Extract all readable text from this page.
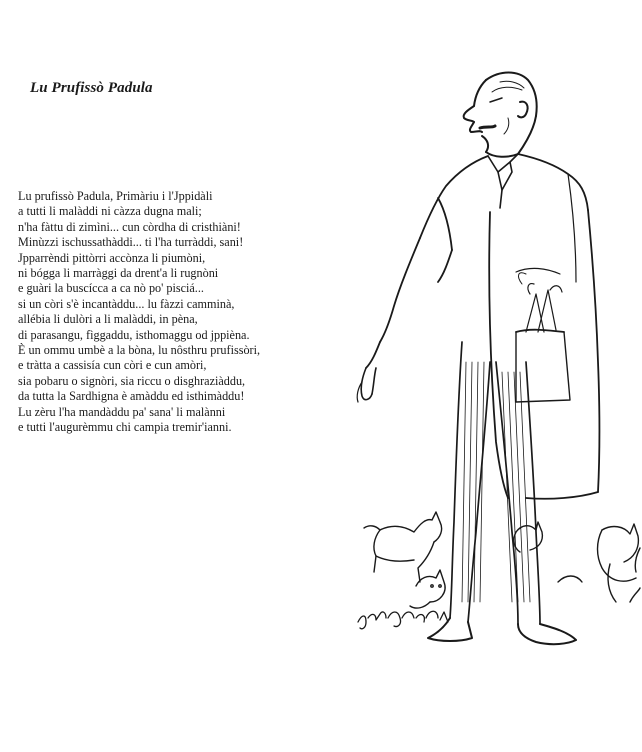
Lu Prufissò Padula
Lu prufissò Padula, Primàriu i l'Jppidàli
a tutti li malàddi ni càzza dugna mali;
n'ha fàttu di zimìni... cun còrdha di cristhiàni!
Minùzzi ischussathàddi... ti l'ha turràddi, sani!
Jpparrèndi pittòrri accònza li piumòni,
ni bógga li marràggi da drent'a li rugnòni
e guàri la buscícca a ca nò po' pisciá...
si un còri s'è incantàddu... lu fàzzi camminà,
allébia li dulòri a li malàddi, in pèna,
di parasangu, fìggaddu, isthomaggu od jppièna.
È un ommu umbè a la bòna, lu nôsthru prufissòri,
e tràtta a cassisía cun còri e cun amòri,
sia pobaru o signòri, sia riccu o disghraziàddu,
da tutta la Sardhigna è amàddu ed isthimàddu!
Lu zèru l'ha mandàddu pa' sana' li malànni
e tutti l'augurèmmu chi campia tremir'ianni.
Jmbroghey
